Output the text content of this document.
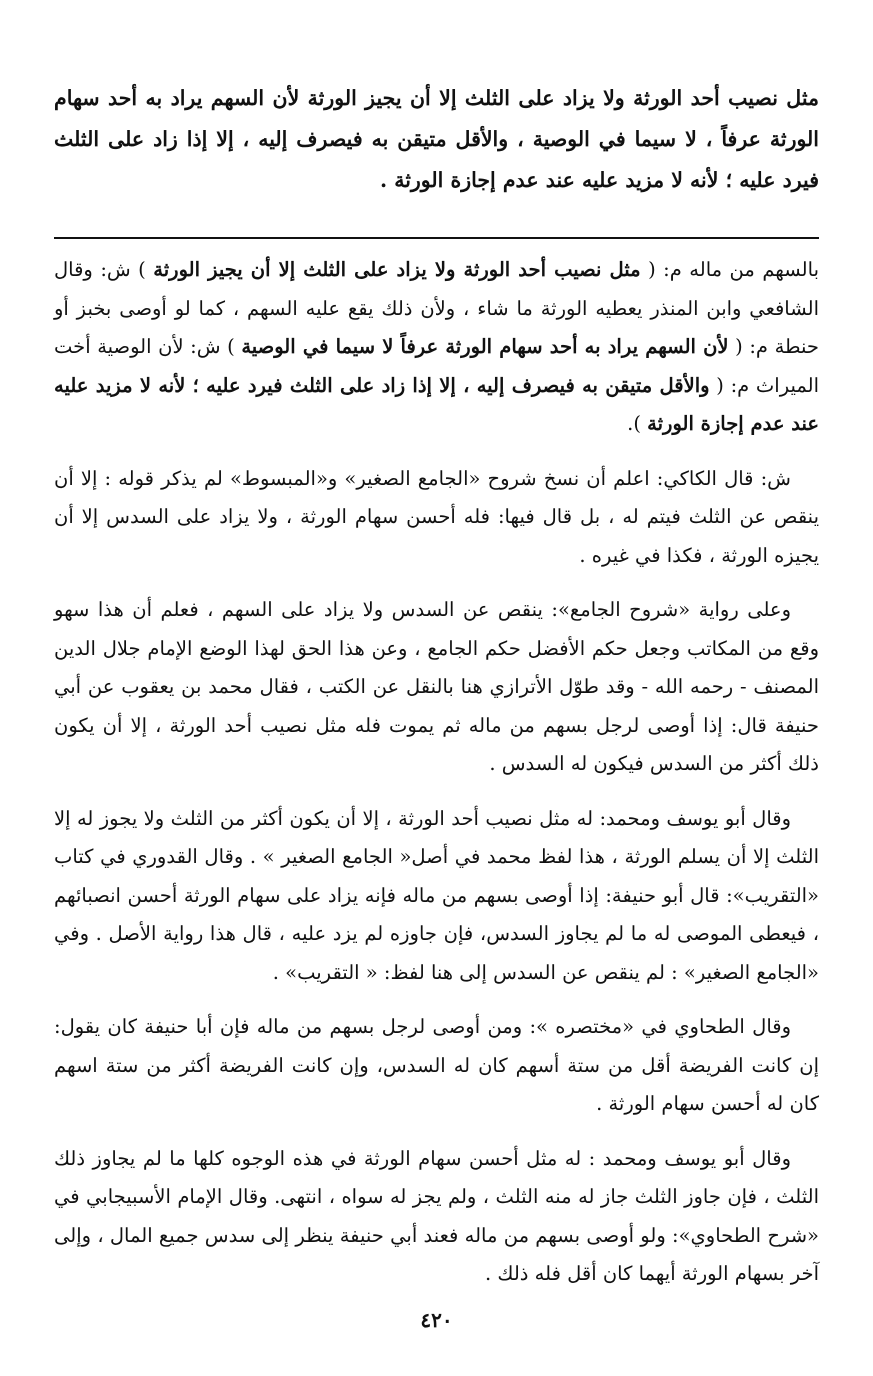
مثل نصيب أحد الورثة ولا يزاد على الثلث إلا أن يجيز الورثة لأن السهم يراد به أحد سهام الورثة عرفاً ، لا سيما في الوصية ، والأقل متيقن به فيصرف إليه ، إلا إذا زاد على الثلث فيرد عليه ؛ لأنه لا مزيد عليه عند عدم إجازة الورثة .

بالسهم من ماله م: ( مثل نصيب أحد الورثة ولا يزاد على الثلث إلا أن يجيز الورثة ) ش: وقال الشافعي وابن المنذر يعطيه الورثة ما شاء ، ولأن ذلك يقع عليه السهم ، كما لو أوصى بخبز أو حنطة م: ( لأن السهم يراد به أحد سهام الورثة عرفاً لا سيما في الوصية ) ش: لأن الوصية أخت الميراث م: ( والأقل متيقن به فيصرف إليه ، إلا إذا زاد على الثلث فيرد عليه ؛ لأنه لا مزيد عليه عند عدم إجازة الورثة ).

ش: قال الكاكي: اعلم أن نسخ شروح «الجامع الصغير» و«المبسوط» لم يذكر قوله : إلا أن ينقص عن الثلث فيتم له ، بل قال فيها: فله أحسن سهام الورثة ، ولا يزاد على السدس إلا أن يجيزه الورثة ، فكذا في غيره .

وعلى رواية «شروح الجامع»: ينقص عن السدس ولا يزاد على السهم ، فعلم أن هذا سهو وقع من المكاتب وجعل حكم الأفضل حكم الجامع ، وعن هذا الحق لهذا الوضع الإمام جلال الدين المصنف - رحمه الله - وقد طوّل الأترازي هنا بالنقل عن الكتب ، فقال محمد بن يعقوب عن أبي حنيفة قال: إذا أوصى لرجل بسهم من ماله ثم يموت فله مثل نصيب أحد الورثة ، إلا أن يكون ذلك أكثر من السدس فيكون له السدس .

وقال أبو يوسف ومحمد: له مثل نصيب أحد الورثة ، إلا أن يكون أكثر من الثلث ولا يجوز له إلا الثلث إلا أن يسلم الورثة ، هذا لفظ محمد في أصل« الجامع الصغير » . وقال القدوري في كتاب «التقريب»: قال أبو حنيفة: إذا أوصى بسهم من ماله فإنه يزاد على سهام الورثة أحسن انصبائهم ، فيعطى الموصى له ما لم يجاوز السدس، فإن جاوزه لم يزد عليه ، قال هذا رواية الأصل . وفي «الجامع الصغير» : لم ينقص عن السدس إلى هنا لفظ: « التقريب» .

وقال الطحاوي في «مختصره »: ومن أوصى لرجل بسهم من ماله فإن أبا حنيفة كان يقول: إن كانت الفريضة أقل من ستة أسهم كان له السدس، وإن كانت الفريضة أكثر من ستة اسهم كان له أحسن سهام الورثة .

وقال أبو يوسف ومحمد : له مثل أحسن سهام الورثة في هذه الوجوه كلها ما لم يجاوز ذلك الثلث ، فإن جاوز الثلث جاز له منه الثلث ، ولم يجز له سواه ، انتهى. وقال الإمام الأسبيجابي في «شرح الطحاوي»: ولو أوصى بسهم من ماله فعند أبي حنيفة ينظر إلى سدس جميع المال ، وإلى آخر بسهام الورثة أيهما كان أقل فله ذلك .

٤٢٠
